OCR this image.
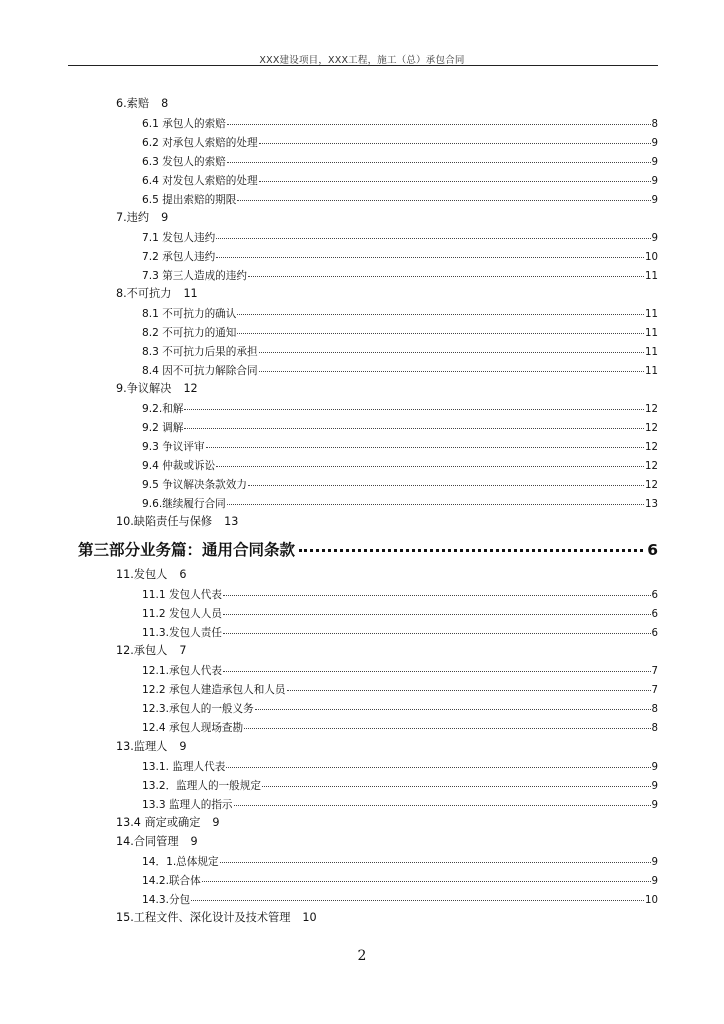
XXX建设项目，XXX工程，施工（总）承包合同
6.索赔 8
6.1 承包人的索赔	8
6.2 对承包人索赔的处理	9
6.3 发包人的索赔	9
6.4 对发包人索赔的处理	9
6.5 提出索赔的期限	9
7.违约 9
7.1 发包人违约	9
7.2 承包人违约	10
7.3 第三人造成的违约	11
8.不可抗力 11
8.1 不可抗力的确认	11
8.2 不可抗力的通知	11
8.3 不可抗力后果的承担	11
8.4 因不可抗力解除合同	11
9.争议解决 12
9.2.和解	12
9.2 调解	12
9.3 争议评审	12
9.4 仲裁或诉讼	12
9.5 争议解决条款效力	12
9.6.继续履行合同	13
10.缺陷责任与保修 13
第三部分业务篇：通用合同条款	6
11.发包人 6
11.1 发包人代表	6
11.2 发包人人员	6
11.3.发包人责任	6
12.承包人 7
12.1.承包人代表	7
12.2 承包人建造承包人和人员	7
12.3.承包人的一般义务	8
12.4 承包人现场查勘	8
13.监理人 9
13.1. 监理人代表	9
13.2．监理人的一般规定	9
13.3 监理人的指示	9
13.4 商定或确定 9
14.合同管理 9
14．1.总体规定	9
14.2.联合体	9
14.3.分包	10
15.工程文件、深化设计及技术管理 10
2
